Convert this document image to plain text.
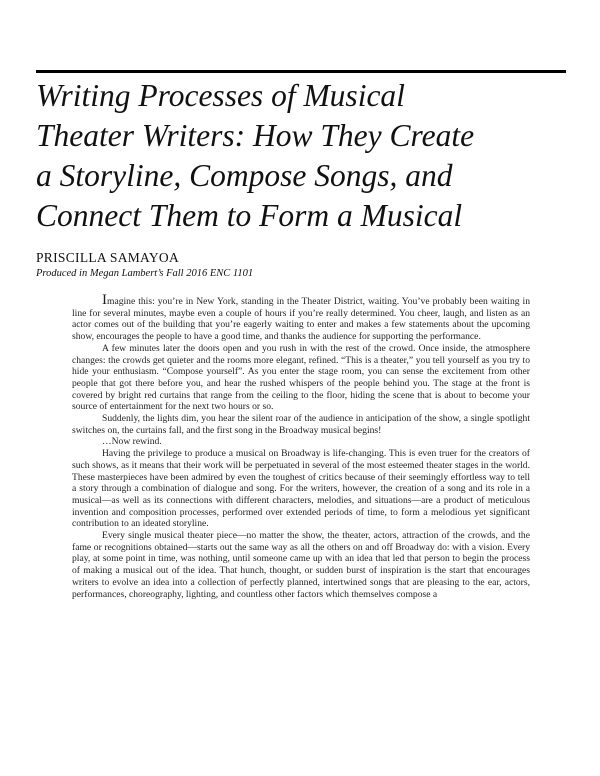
Writing Processes of Musical
Theater Writers: How They Create
a Storyline, Compose Songs, and
Connect Them to Form a Musical
PRISCILLA SAMAYOA
Produced in Megan Lambert’s Fall 2016 ENC 1101

Imagine this: you’re in New York, standing in the Theater District, waiting. You’ve probably been waiting in line for several minutes, maybe even a couple of hours if you’re really determined. You cheer, laugh, and listen as an actor comes out of the building that you’re eagerly waiting to enter and makes a few statements about the upcoming show, encourages the people to have a good time, and thanks the audience for supporting the performance.

A few minutes later the doors open and you rush in with the rest of the crowd. Once inside, the atmosphere changes: the crowds get quieter and the rooms more elegant, refined. “This is a theater,” you tell yourself as you try to hide your enthusiasm. “Compose yourself”. As you enter the stage room, you can sense the excitement from other people that got there before you, and hear the rushed whispers of the people behind you. The stage at the front is covered by bright red curtains that range from the ceiling to the floor, hiding the scene that is about to become your source of entertainment for the next two hours or so.

Suddenly, the lights dim, you hear the silent roar of the audience in anticipation of the show, a single spotlight switches on, the curtains fall, and the first song in the Broadway musical begins!

…Now rewind.

Having the privilege to produce a musical on Broadway is life-changing. This is even truer for the creators of such shows, as it means that their work will be perpetuated in several of the most esteemed theater stages in the world. These masterpieces have been admired by even the toughest of critics because of their seemingly effortless way to tell a story through a combination of dialogue and song. For the writers, however, the creation of a song and its role in a musical—as well as its connections with different characters, melodies, and situations—are a product of meticulous invention and composition processes, performed over extended periods of time, to form a melodious yet significant contribution to an ideated storyline.

Every single musical theater piece—no matter the show, the theater, actors, attraction of the crowds, and the fame or recognitions obtained—starts out the same way as all the others on and off Broadway do: with a vision. Every play, at some point in time, was nothing, until someone came up with an idea that led that person to begin the process of making a musical out of the idea. That hunch, thought, or sudden burst of inspiration is the start that encourages writers to evolve an idea into a collection of perfectly planned, intertwined songs that are pleasing to the ear, actors, performances, choreography, lighting, and countless other factors which themselves compose a
